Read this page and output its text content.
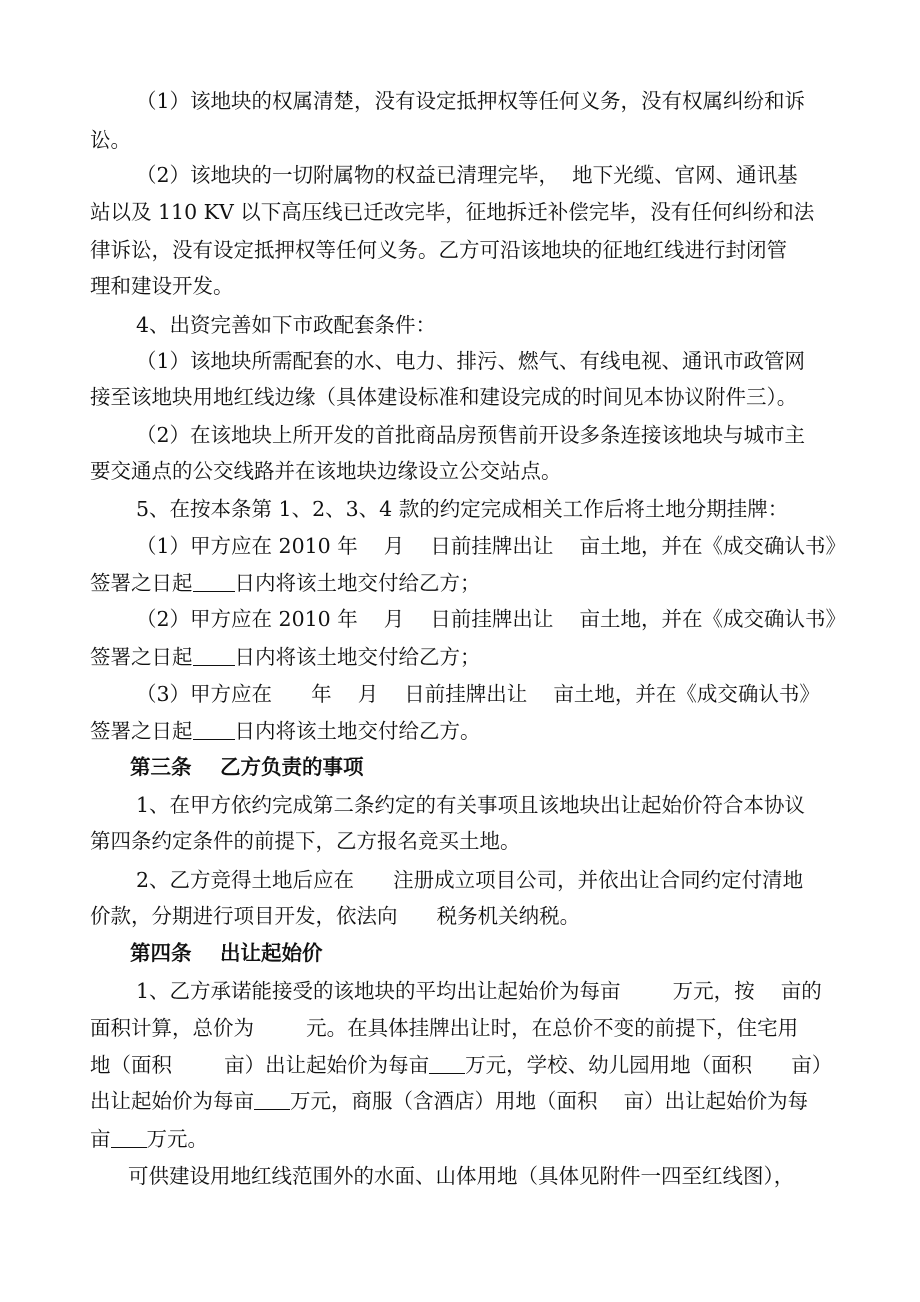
（1）该地块的权属清楚，没有设定抵押权等任何义务，没有权属纠纷和诉
讼。
（2）该地块的一切附属物的权益已清理完毕，  地下光缆、官网、通讯基
站以及 110 KV 以下高压线已迁改完毕，征地拆迁补偿完毕，没有任何纠纷和法
律诉讼，没有设定抵押权等任何义务。乙方可沿该地块的征地红线进行封闭管
理和建设开发。
4、出资完善如下市政配套条件：
（1）该地块所需配套的水、电力、排污、燃气、有线电视、通讯市政管网
接至该地块用地红线边缘（具体建设标准和建设完成的时间见本协议附件三）。
（2）在该地块上所开发的首批商品房预售前开设多条连接该地块与城市主
要交通点的公交线路并在该地块边缘设立公交站点。
5、在按本条第 1、2、3、4 款的约定完成相关工作后将土地分期挂牌：
（1）甲方应在 2010 年    月    日前挂牌出让    亩土地，并在《成交确认书》
签署之日起 日内将该土地交付给乙方；
（2）甲方应在 2010 年    月    日前挂牌出让    亩土地，并在《成交确认书》
签署之日起 日内将该土地交付给乙方；
（3）甲方应在      年    月    日前挂牌出让    亩土地，并在《成交确认书》
签署之日起 日内将该土地交付给乙方。
第三条    乙方负责的事项
1、在甲方依约完成第二条约定的有关事项且该地块出让起始价符合本协议
第四条约定条件的前提下，乙方报名竞买土地。
2、乙方竞得土地后应在      注册成立项目公司，并依出让合同约定付清地
价款，分期进行项目开发，依法向      税务机关纳税。
第四条    出让起始价
1、乙方承诺能接受的该地块的平均出让起始价为每亩        万元，按    亩的
面积计算，总价为        元。在具体挂牌出让时，在总价不变的前提下，住宅用
地（面积        亩）出让起始价为每亩 万元，学校、幼儿园用地（面积      亩）
出让起始价为每亩 万元，商服（含酒店）用地（面积    亩）出让起始价为每
亩 万元。
可供建设用地红线范围外的水面、山体用地（具体见附件一四至红线图），
